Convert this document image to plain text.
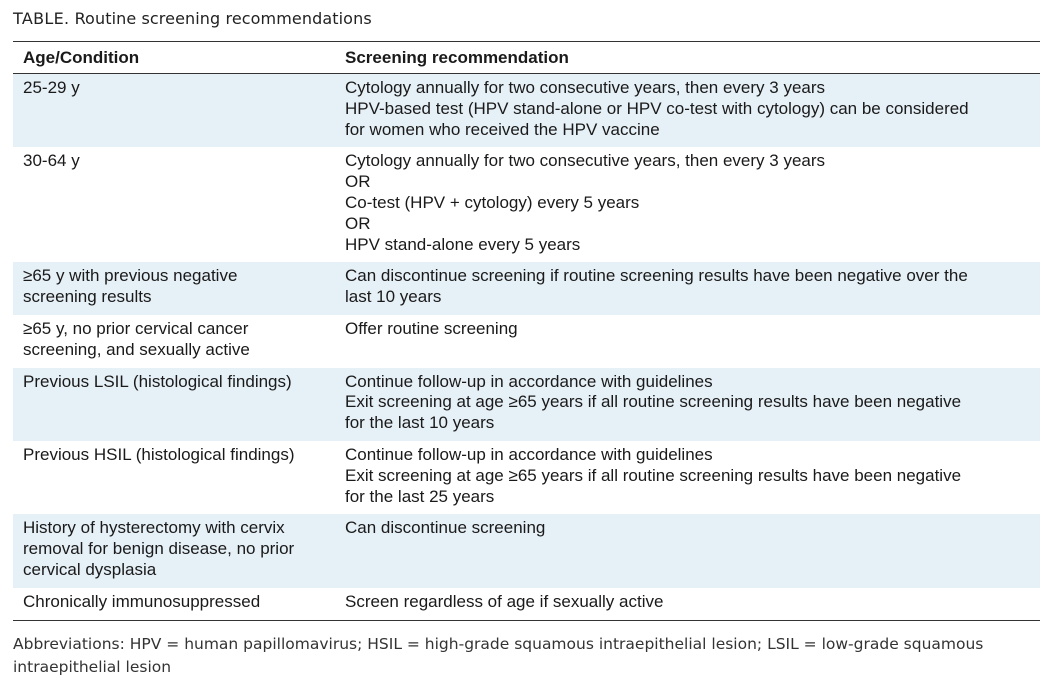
TABLE. Routine screening recommendations
Age/Condition	Screening recommendation

25-29 y	Cytology annually for two consecutive years, then every 3 years
HPV-based test (HPV stand-alone or HPV co-test with cytology) can be considered
for women who received the HPV vaccine

30-64 y	Cytology annually for two consecutive years, then every 3 years
OR
Co-test (HPV + cytology) every 5 years
OR
HPV stand-alone every 5 years

≥65 y with previous negative
screening results	Can discontinue screening if routine screening results have been negative over the
last 10 years

≥65 y, no prior cervical cancer
screening, and sexually active	Offer routine screening

Previous LSIL (histological findings)	Continue follow-up in accordance with guidelines
Exit screening at age ≥65 years if all routine screening results have been negative
for the last 10 years

Previous HSIL (histological findings)	Continue follow-up in accordance with guidelines
Exit screening at age ≥65 years if all routine screening results have been negative
for the last 25 years

History of hysterectomy with cervix
removal for benign disease, no prior
cervical dysplasia	Can discontinue screening

Chronically immunosuppressed	Screen regardless of age if sexually active
Abbreviations: HPV = human papillomavirus; HSIL = high-grade squamous intraepithelial lesion; LSIL = low-grade squamous intraepithelial lesion
